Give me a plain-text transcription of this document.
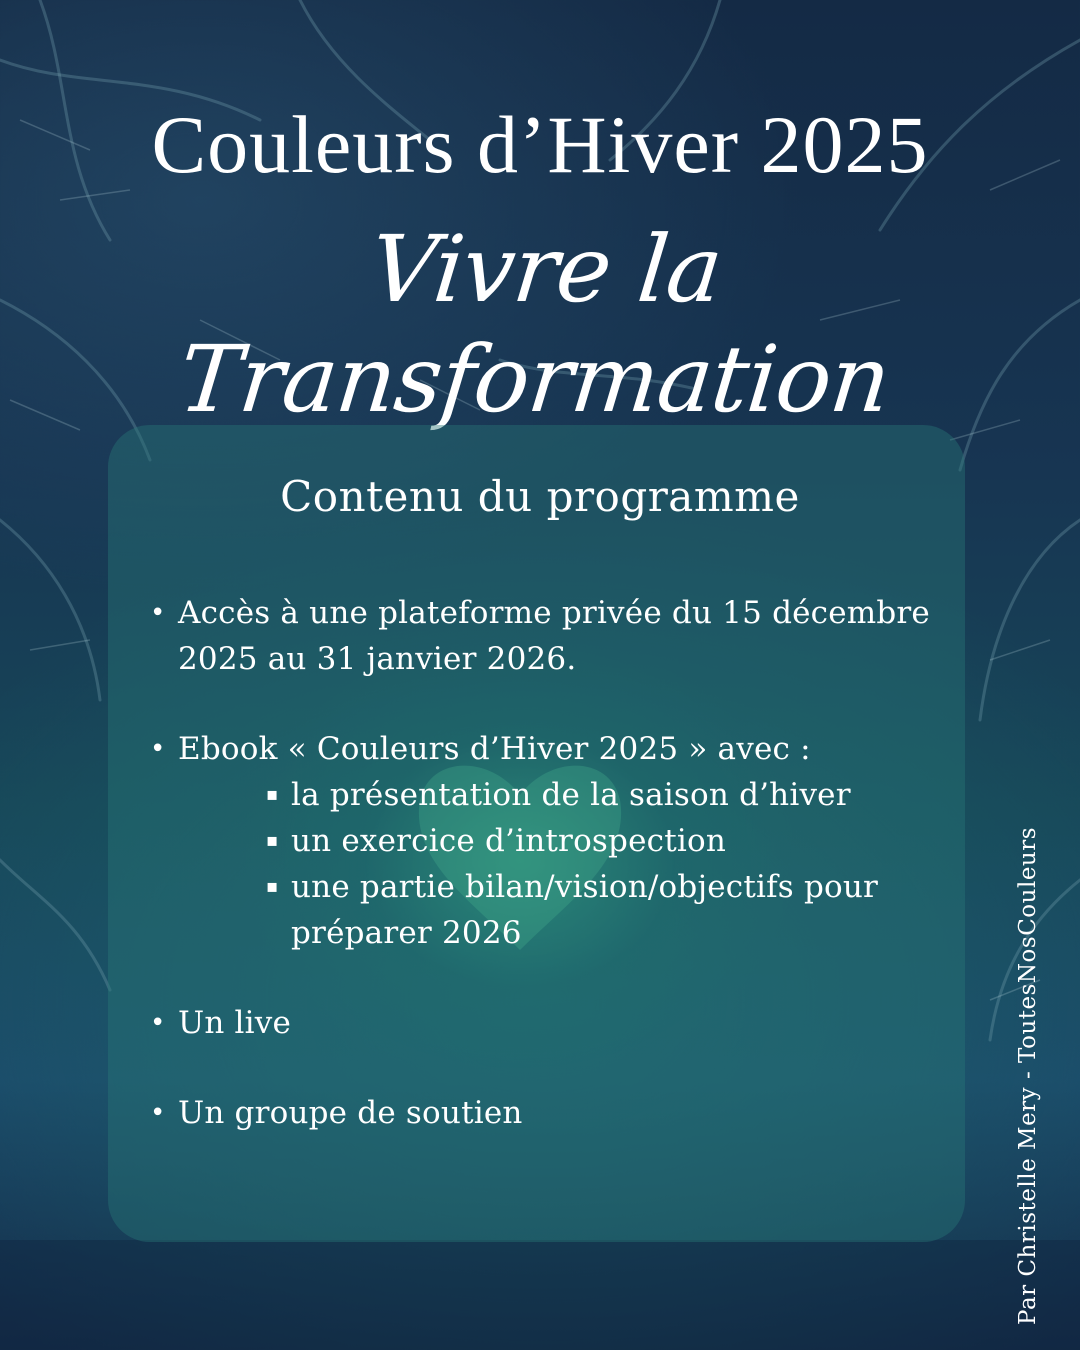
Couleurs d’Hiver 2025
Vivre la Transformation
Contenu du programme
• Accès à une plateforme privée du 15 décembre 2025 au 31 janvier 2026.
• Ebook « Couleurs d’Hiver 2025 » avec :
▪ la présentation de la saison d’hiver
▪ un exercice d’introspection
▪ une partie bilan/vision/objectifs pour préparer 2026
• Un live
• Un groupe de soutien	Par Christelle Mery - ToutesNosCouleurs
